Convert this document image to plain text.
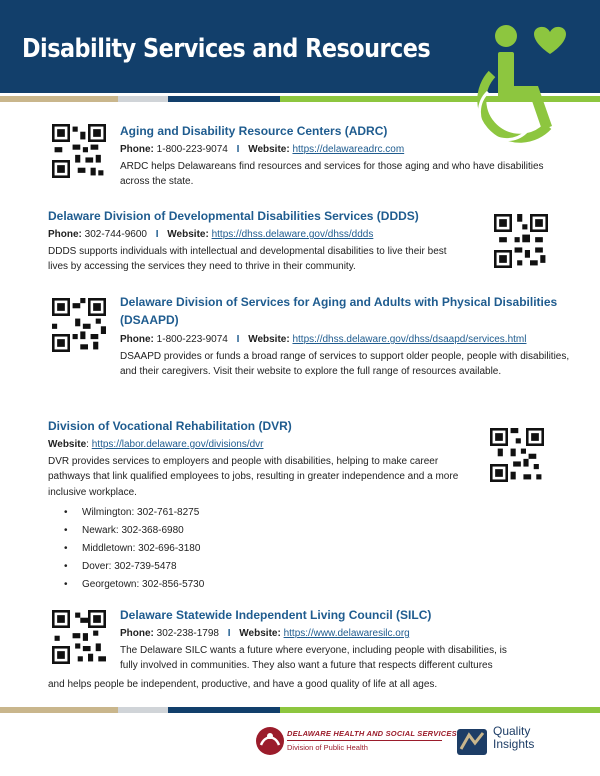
Disability Services and Resources
Aging and Disability Resource Centers (ADRC)
Phone: 1-800-223-9074 I Website: https://delawareadrc.com
ARDC helps Delawareans find resources and services for those aging and who have disabilities across the state.
Delaware Division of Developmental Disabilities Services (DDDS)
Phone: 302-744-9600 I Website: https://dhss.delaware.gov/dhss/ddds
DDDS supports individuals with intellectual and developmental disabilities to live their best lives by accessing the services they need to thrive in their community.
Delaware Division of Services for Aging and Adults with Physical Disabilities (DSAAPD)
Phone: 1-800-223-9074 I Website: https://dhss.delaware.gov/dhss/dsaapd/services.html
DSAAPD provides or funds a broad range of services to support older people, people with disabilities, and their caregivers. Visit their website to explore the full range of resources available.
Division of Vocational Rehabilitation (DVR)
Website: https://labor.delaware.gov/divisions/dvr
DVR provides services to employers and people with disabilities, helping to make career pathways that link qualified employees to jobs, resulting in greater independence and a more inclusive workplace.
• Wilmington: 302-761-8275
• Newark: 302-368-6980
• Middletown: 302-696-3180
• Dover: 302-739-5478
• Georgetown: 302-856-5730
Delaware Statewide Independent Living Council (SILC)
Phone: 302-238-1798 I Website: https://www.delawaresilc.org
The Delaware SILC wants a future where everyone, including people with disabilities, is
fully involved in communities. They also want a future that respects different cultures
and helps people be independent, productive, and have a good quality of life at all ages.
DELAWARE HEALTH AND SOCIAL SERVICES
Division of Public Health
Quality
Insights
